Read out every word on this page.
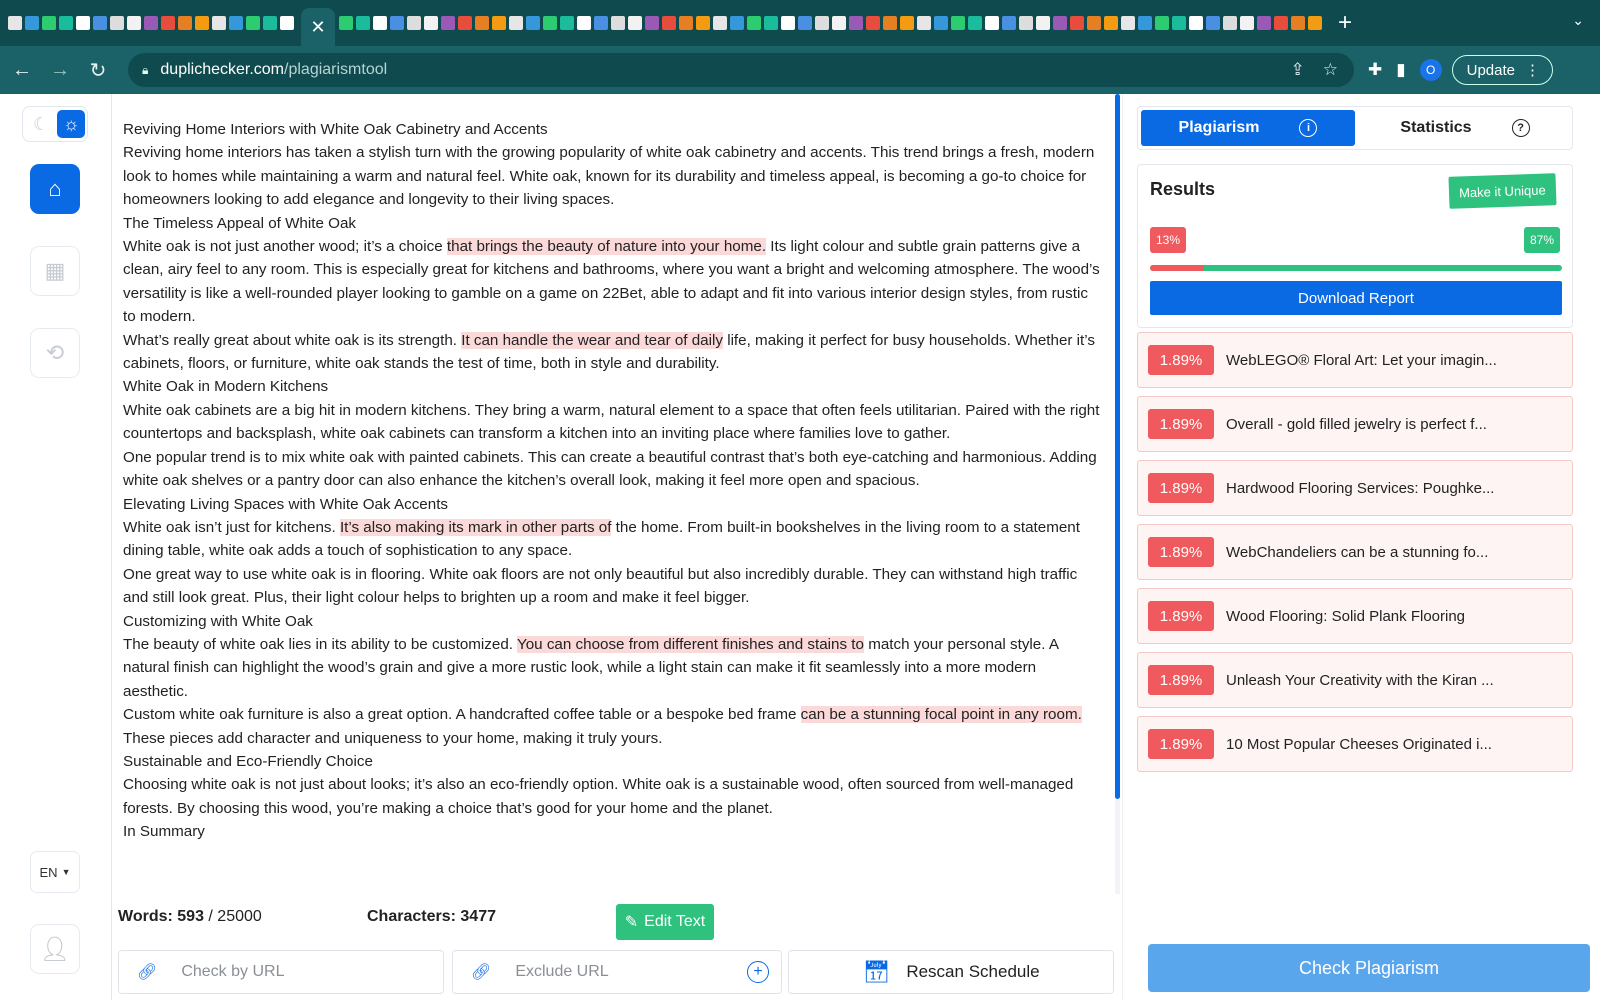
✕	+	⌄
← → ↻	🔒︎ duplichecker.com /plagiarismtool	⇪ ☆ ✚ ▮	O	Update ⋮
☾ ☼
⌂
▦
⟲
EN ▼
👤︎

Reviving Home Interiors with White Oak Cabinetry and Accents

Reviving home interiors has taken a stylish turn with the growing popularity of white oak cabinetry and accents. This trend brings a fresh, modern look to homes while maintaining a warm and natural feel. White oak, known for its durability and timeless appeal, is becoming a go-to choice for homeowners looking to add elegance and longevity to their living spaces.

The Timeless Appeal of White Oak

White oak is not just another wood; it’s a choice that brings the beauty of nature into your home. Its light colour and subtle grain patterns give a clean, airy feel to any room. This is especially great for kitchens and bathrooms, where you want a bright and welcoming atmosphere. The wood’s versatility is like a well-rounded player looking to gamble on a game on 22Bet, able to adapt and fit into various interior design styles, from rustic to modern.

What’s really great about white oak is its strength. It can handle the wear and tear of daily life, making it perfect for busy households. Whether it’s cabinets, floors, or furniture, white oak stands the test of time, both in style and durability.

White Oak in Modern Kitchens

White oak cabinets are a big hit in modern kitchens. They bring a warm, natural element to a space that often feels utilitarian. Paired with the right countertops and backsplash, white oak cabinets can transform a kitchen into an inviting place where families love to gather.

One popular trend is to mix white oak with painted cabinets. This can create a beautiful contrast that’s both eye-catching and harmonious. Adding white oak shelves or a pantry door can also enhance the kitchen’s overall look, making it feel more open and spacious.

Elevating Living Spaces with White Oak Accents

White oak isn’t just for kitchens. It’s also making its mark in other parts of the home. From built-in bookshelves in the living room to a statement dining table, white oak adds a touch of sophistication to any space.

One great way to use white oak is in flooring. White oak floors are not only beautiful but also incredibly durable. They can withstand high traffic and still look great. Plus, their light colour helps to brighten up a room and make it feel bigger.

Customizing with White Oak

The beauty of white oak lies in its ability to be customized. You can choose from different finishes and stains to match your personal style. A natural finish can highlight the wood’s grain and give a more rustic look, while a light stain can make it fit seamlessly into a more modern aesthetic.

Custom white oak furniture is also a great option. A handcrafted coffee table or a bespoke bed frame can be a stunning focal point in any room. These pieces add character and uniqueness to your home, making it truly yours.

Sustainable and Eco-Friendly Choice

Choosing white oak is not just about looks; it’s also an eco-friendly option. White oak is a sustainable wood, often sourced from well-managed forests. By choosing this wood, you’re making a choice that’s good for your home and the planet.

In Summary

Words: 593 / 25000	Characters: 3477	✎ Edit Text
🔗︎
Check by URL	🔗︎
Exclude URL	+	📅︎ Rescan Schedule
Plagiarism	i	Statistics	?
Results	Make it Unique
13%	87%
Download Report
1.89%	WebLEGO® Floral Art: Let your imagin...
1.89%	Overall - gold filled jewelry is perfect f...
1.89%	Hardwood Flooring Services: Poughke...
1.89%	WebChandeliers can be a stunning fo...
1.89%	Wood Flooring: Solid Plank Flooring
1.89%	Unleash Your Creativity with the Kiran ...
1.89%	10 Most Popular Cheeses Originated i...
Check Plagiarism
